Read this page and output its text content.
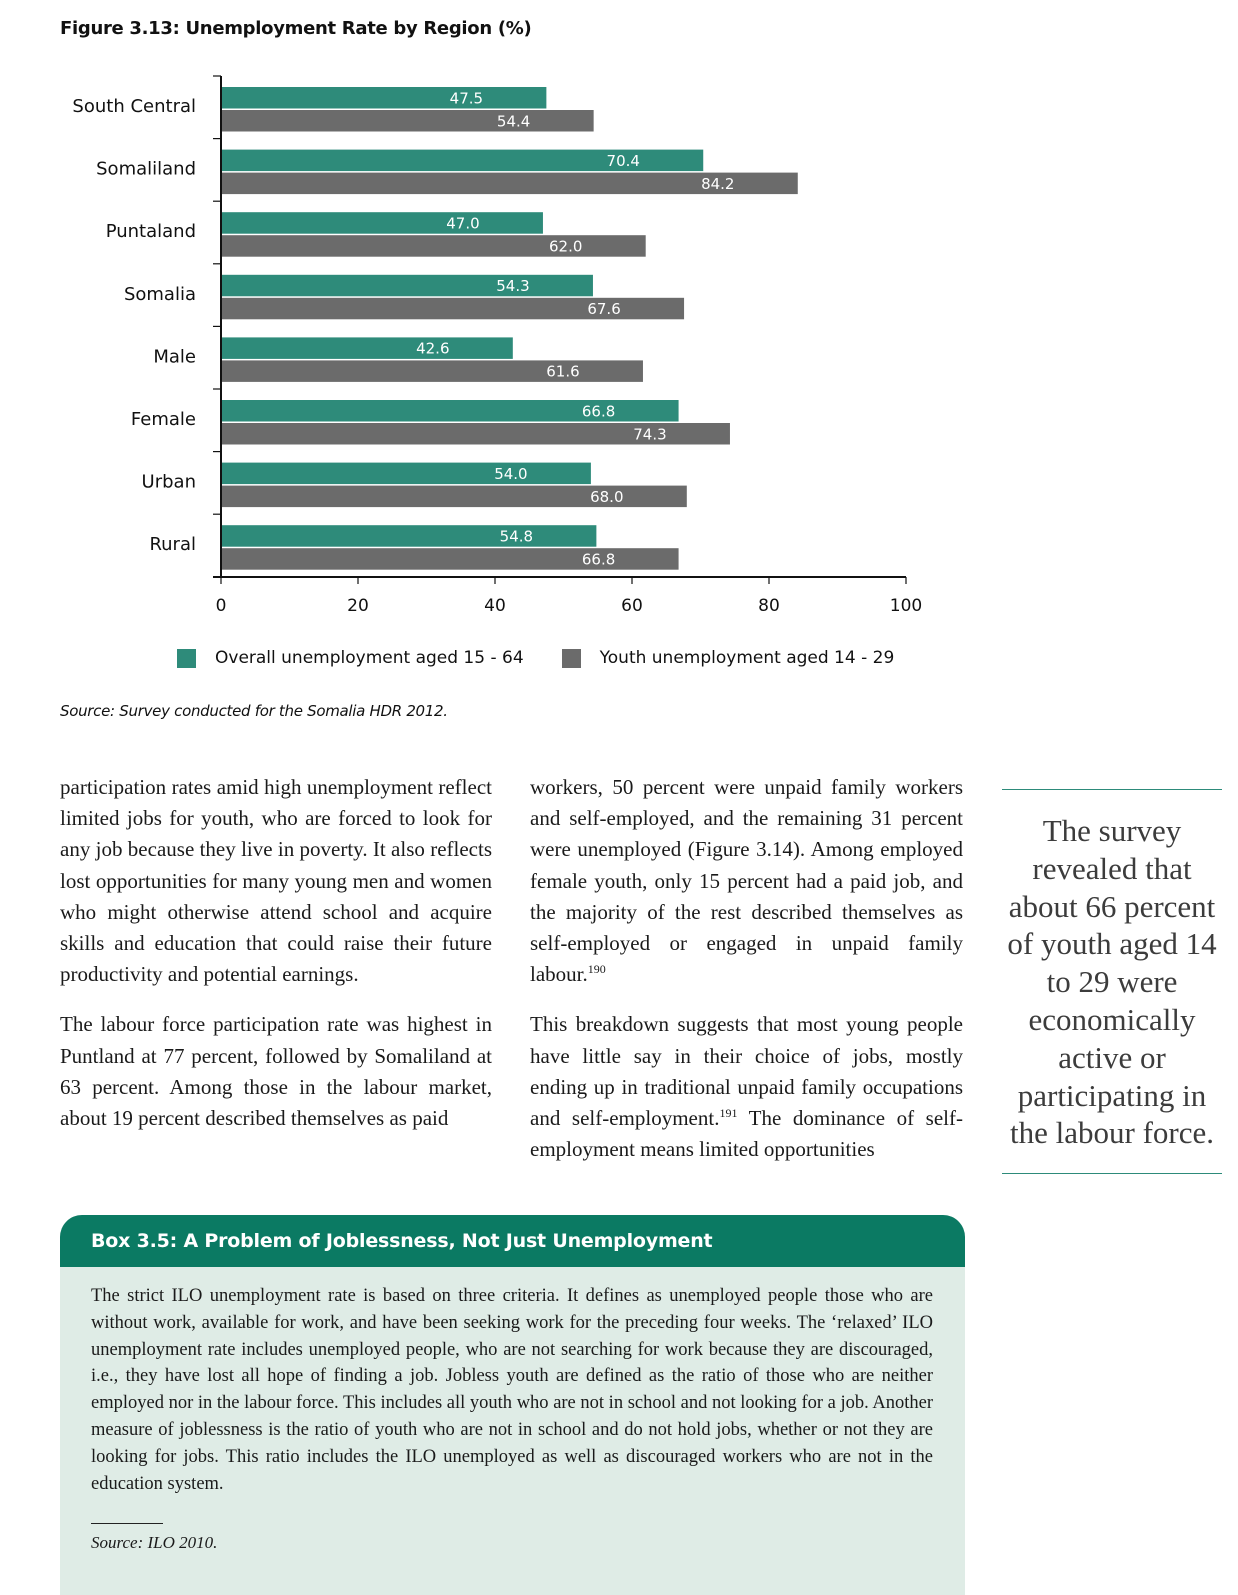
Figure 3.13: Unemployment Rate by Region (%)
47.5
54.4
South Central
70.4
84.2
Somaliland
47.0
62.0
Puntaland
54.3
67.6
Somalia
42.6
61.6
Male
66.8
74.3
Female
54.0
68.0
Urban
54.8
66.8
Rural
0	20	40	60	80	100
Overall unemployment aged 15 - 64	Youth unemployment aged 14 - 29
Source: Survey conducted for the Somalia HDR 2012.

participation rates amid high unemployment reflect limited jobs for youth, who are forced to look for any job because they live in poverty. It also reflects lost opportunities for many young men and women who might otherwise attend school and acquire skills and education that could raise their future productivity and potential earnings.

The labour force participation rate was highest in Puntland at 77 percent, followed by Somaliland at 63 percent. Among those in the labour market, about 19 percent described themselves as paid

workers, 50 percent were unpaid family workers and self-employed, and the remaining 31 percent were unemployed (Figure 3.14). Among employed female youth, only 15 percent had a paid job, and the majority of the rest described themselves as self-employed or engaged in unpaid family labour.$^{190}$

This breakdown suggests that most young people have little say in their choice of jobs, mostly ending up in traditional unpaid family occupations and self-employment.$^{191}$ The dominance of self-employment means limited opportunities

The survey revealed that about 66 percent of youth aged 14 to 29 were economically active or participating in the labour force.
Box 3.5: A Problem of Joblessness, Not Just Unemployment
The strict ILO unemployment rate is based on three criteria. It defines as unemployed people those who are without work, available for work, and have been seeking work for the preceding four weeks. The ‘relaxed’ ILO unemployment rate includes unemployed people, who are not searching for work because they are discouraged, i.e., they have lost all hope of finding a job. Jobless youth are defined as the ratio of those who are neither employed nor in the labour force. This includes all youth who are not in school and not looking for a job. Another measure of joblessness is the ratio of youth who are not in school and do not hold jobs, whether or not they are looking for jobs. This ratio includes the ILO unemployed as well as discouraged workers who are not in the education system.
Source: ILO 2010.
